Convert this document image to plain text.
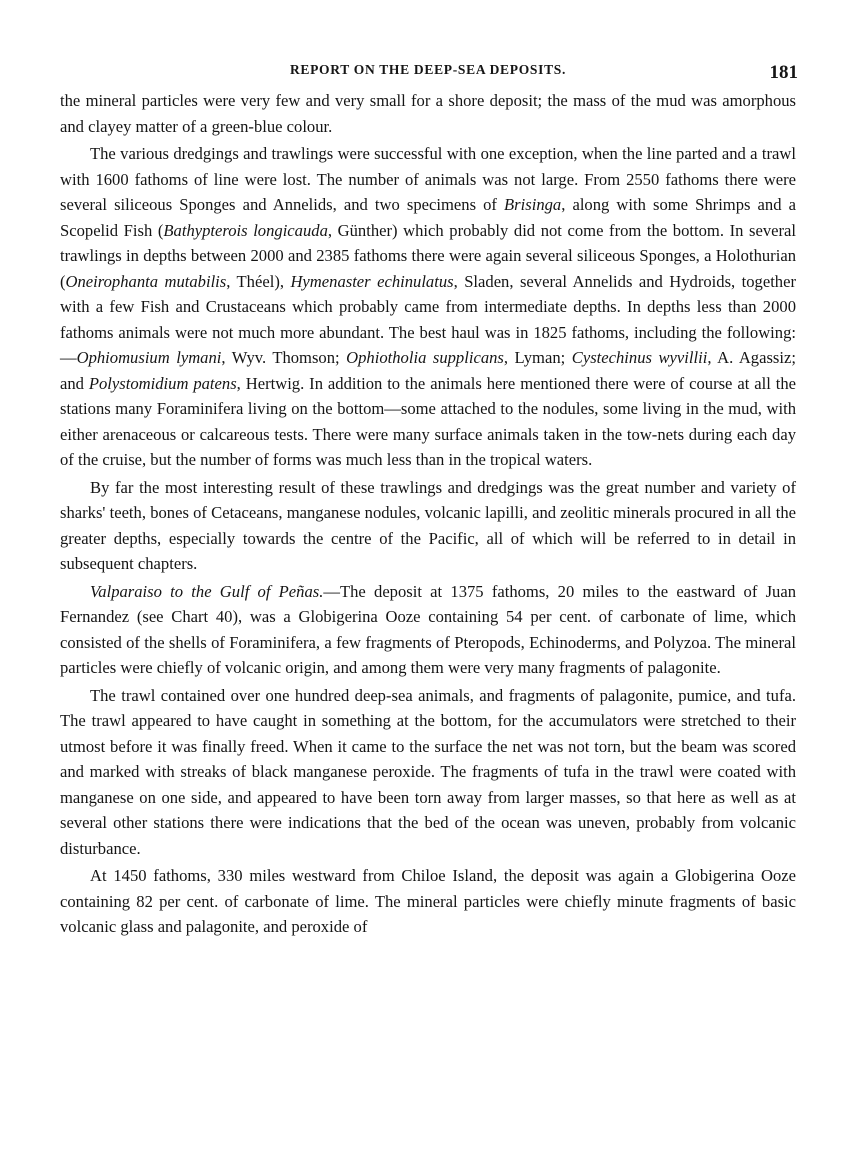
REPORT ON THE DEEP-SEA DEPOSITS.	181

the mineral particles were very few and very small for a shore deposit; the mass of the mud was amorphous and clayey matter of a green-blue colour.

The various dredgings and trawlings were successful with one exception, when the line parted and a trawl with 1600 fathoms of line were lost. The number of animals was not large. From 2550 fathoms there were several siliceous Sponges and Annelids, and two specimens of Brisinga, along with some Shrimps and a Scopelid Fish (Bathypterois longicauda, Günther) which probably did not come from the bottom. In several trawlings in depths between 2000 and 2385 fathoms there were again several siliceous Sponges, a Holothurian (Oneirophanta mutabilis, Théel), Hymenaster echinulatus, Sladen, several Annelids and Hydroids, together with a few Fish and Crustaceans which probably came from intermediate depths. In depths less than 2000 fathoms animals were not much more abundant. The best haul was in 1825 fathoms, including the following:—Ophiomusium lymani, Wyv. Thomson; Ophiotholia supplicans, Lyman; Cystechinus wyvillii, A. Agassiz; and Polystomidium patens, Hertwig. In addition to the animals here mentioned there were of course at all the stations many Foraminifera living on the bottom—some attached to the nodules, some living in the mud, with either arenaceous or calcareous tests. There were many surface animals taken in the tow-nets during each day of the cruise, but the number of forms was much less than in the tropical waters.

By far the most interesting result of these trawlings and dredgings was the great number and variety of sharks' teeth, bones of Cetaceans, manganese nodules, volcanic lapilli, and zeolitic minerals procured in all the greater depths, especially towards the centre of the Pacific, all of which will be referred to in detail in subsequent chapters.

Valparaiso to the Gulf of Peñas.—The deposit at 1375 fathoms, 20 miles to the eastward of Juan Fernandez (see Chart 40), was a Globigerina Ooze containing 54 per cent. of carbonate of lime, which consisted of the shells of Foraminifera, a few fragments of Pteropods, Echinoderms, and Polyzoa. The mineral particles were chiefly of volcanic origin, and among them were very many fragments of palagonite.

The trawl contained over one hundred deep-sea animals, and fragments of palagonite, pumice, and tufa. The trawl appeared to have caught in something at the bottom, for the accumulators were stretched to their utmost before it was finally freed. When it came to the surface the net was not torn, but the beam was scored and marked with streaks of black manganese peroxide. The fragments of tufa in the trawl were coated with manganese on one side, and appeared to have been torn away from larger masses, so that here as well as at several other stations there were indications that the bed of the ocean was uneven, probably from volcanic disturbance.

At 1450 fathoms, 330 miles westward from Chiloe Island, the deposit was again a Globigerina Ooze containing 82 per cent. of carbonate of lime. The mineral particles were chiefly minute fragments of basic volcanic glass and palagonite, and peroxide of
